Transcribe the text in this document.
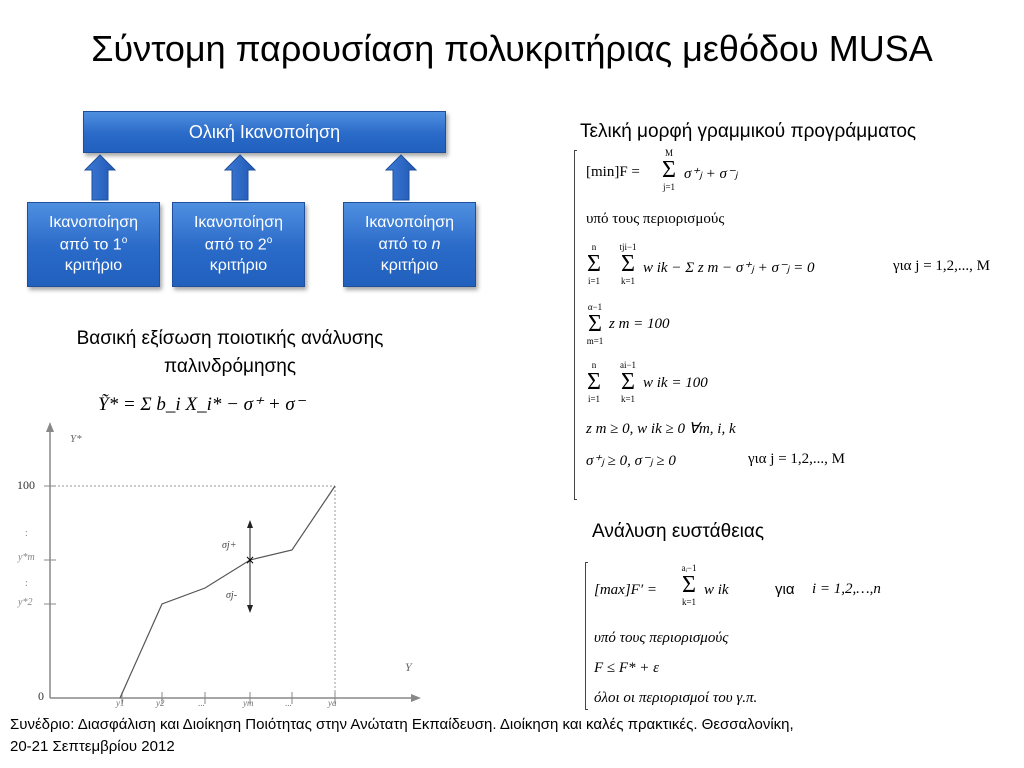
Σύντομη παρουσίαση πολυκριτήριας μεθόδου MUSA
Ολική Ικανοποίηση
Ικανοποίηση
από το $1^o$
κριτήριο
Ικανοποίηση
από το $2^o$
κριτήριο
Ικανοποίηση
από το n
κριτήριο
Βασική εξίσωση ποιοτικής ανάλυσης
παλινδρόμησης
Ỹ* = Σ b_i X_i* − σ⁺ + σ⁻
×
Y*
Y
100
:
y*m
:
y*2
0	y1	y2	...	ym	...	ya
σj+
σj-
Τελική μορφή γραμμικού προγράμματος
[min]F =
M
Σ
j=1
σ⁺ⱼ + σ⁻ⱼ
υπό τους περιορισμούς
n
Σ
i=1
tji−1
Σ
k=1
w ik − Σ z m − σ⁺ⱼ + σ⁻ⱼ = 0	για j = 1,2,..., M
α−1
Σ
m=1
z m = 100
n
Σ
i=1
ai−1
Σ
k=1
w ik = 100
z m ≥ 0, w ik ≥ 0 ∀m, i, k
σ⁺ⱼ ≥ 0, σ⁻ⱼ ≥ 0	για j = 1,2,..., M
Ανάλυση ευστάθειας
[max]F′ =
aᵢ−1
Σ
k=1
w ik	για i = 1,2,…,n
υπό τους περιορισμούς
F ≤ F* + ε
όλοι οι περιορισμοί του γ.π.
Συνέδριο: Διασφάλιση και Διοίκηση Ποιότητας στην Ανώτατη Εκπαίδευση. Διοίκηση και καλές πρακτικές. Θεσσαλονίκη,
20-21 Σεπτεμβρίου 2012
